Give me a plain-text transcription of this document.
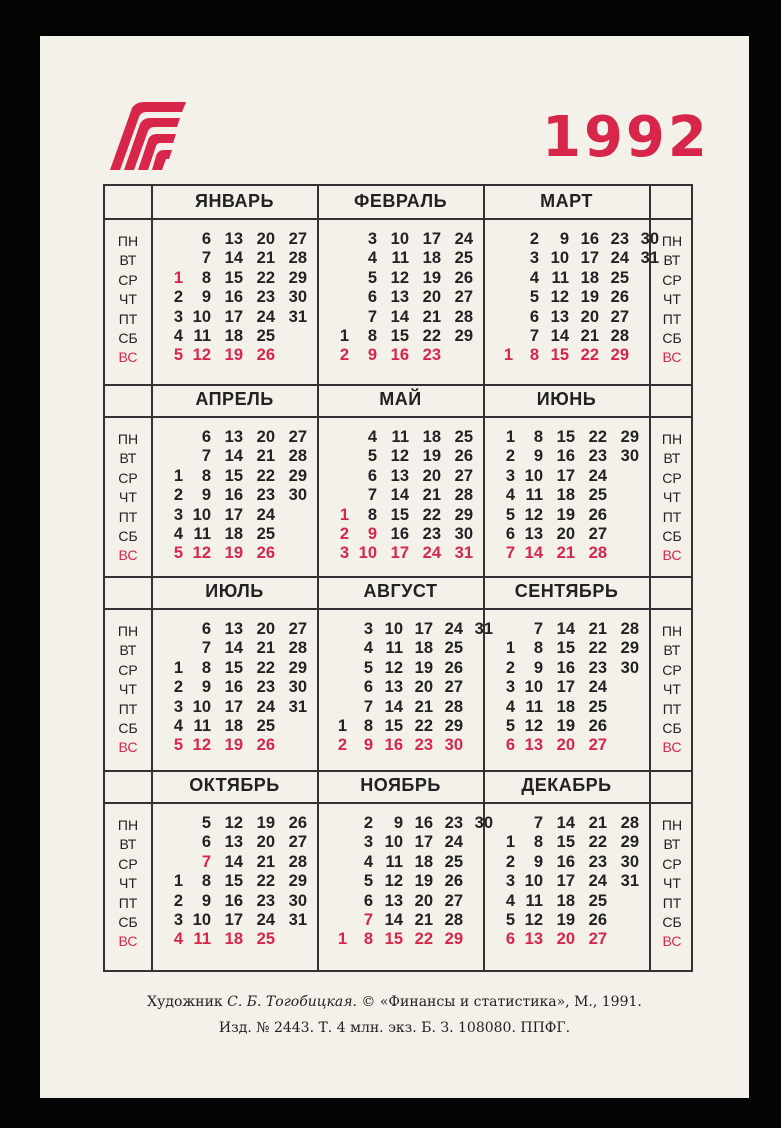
1992
ЯНВАРЬ
6 13 20 27
7 14 21 28
1 8 15 22 29
2 9 16 23 30
3 10 17 24 31
4 11 18 25
5 12 19 26
ФЕВРАЛЬ
3 10 17 24
4 11 18 25
5 12 19 26
6 13 20 27
7 14 21 28
1 8 15 22 29
2 9 16 23
МАРТ
2 9 16 23 30
3 10 17 24 31
4 11 18 25
5 12 19 26
6 13 20 27
7 14 21 28
1 8 15 22 29
АПРЕЛЬ
6 13 20 27
7 14 21 28
1 8 15 22 29
2 9 16 23 30
3 10 17 24
4 11 18 25
5 12 19 26
МАЙ
4 11 18 25
5 12 19 26
6 13 20 27
7 14 21 28
1 8 15 22 29
2 9 16 23 30
3 10 17 24 31
ИЮНЬ
1 8 15 22 29
2 9 16 23 30
3 10 17 24
4 11 18 25
5 12 19 26
6 13 20 27
7 14 21 28
ИЮЛЬ
6 13 20 27
7 14 21 28
1 8 15 22 29
2 9 16 23 30
3 10 17 24 31
4 11 18 25
5 12 19 26
АВГУСТ
3 10 17 24 31
4 11 18 25
5 12 19 26
6 13 20 27
7 14 21 28
1 8 15 22 29
2 9 16 23 30
СЕНТЯБРЬ
7 14 21 28
1 8 15 22 29
2 9 16 23 30
3 10 17 24
4 11 18 25
5 12 19 26
6 13 20 27
ОКТЯБРЬ
5 12 19 26
6 13 20 27
7 14 21 28
1 8 15 22 29
2 9 16 23 30
3 10 17 24 31
4 11 18 25
НОЯБРЬ
2 9 16 23 30
3 10 17 24
4 11 18 25
5 12 19 26
6 13 20 27
7 14 21 28
1 8 15 22 29
ДЕКАБРЬ
7 14 21 28
1 8 15 22 29
2 9 16 23 30
3 10 17 24 31
4 11 18 25
5 12 19 26
6 13 20 27
ПН
ВТ
СР
ЧТ
ПТ
СБ
ВС
ПН
ВТ
СР
ЧТ
ПТ
СБ
ВС
ПН
ВТ
СР
ЧТ
ПТ
СБ
ВС
ПН
ВТ
СР
ЧТ
ПТ
СБ
ВС
ПН
ВТ
СР
ЧТ
ПТ
СБ
ВС
ПН
ВТ
СР
ЧТ
ПТ
СБ
ВС
ПН
ВТ
СР
ЧТ
ПТ
СБ
ВС
ПН
ВТ
СР
ЧТ
ПТ
СБ
ВС
Художник С. Б. Тогобицкая. © «Финансы и статистика», М., 1991.
Изд. № 2443. Т. 4 млн. экз. Б. З. 108080. ППФГ.
